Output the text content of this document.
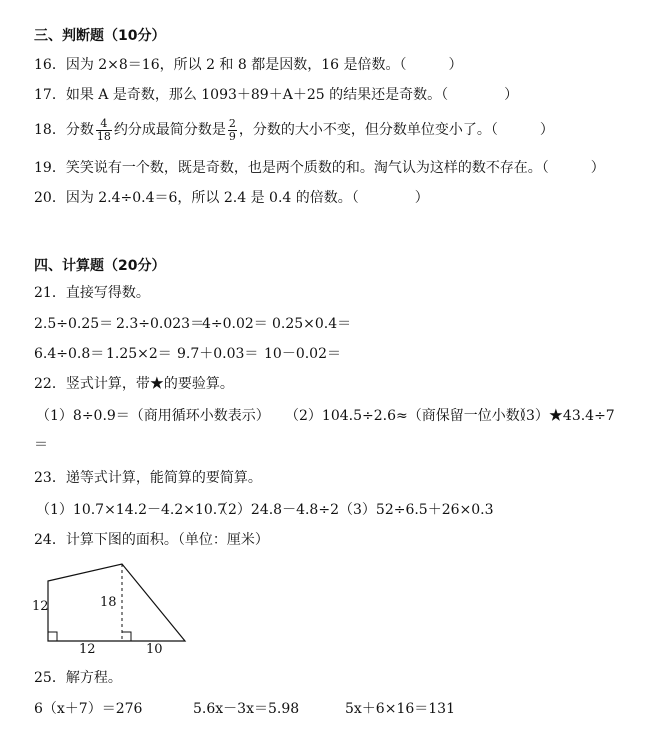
三、判断题（10分）
16．因为 2×8＝16，所以 2 和 8 都是因数，16 是倍数。（　　　）
17．如果 A 是奇数，那么 1093＋89＋A＋25 的结果还是奇数。（　　　　）
18．分数 $\frac{4}{18}$ 约分成最简分数是 $\frac{2}{9}$ ，分数的大小不变，但分数单位变小了。（　　　）
19．笑笑说有一个数，既是奇数，也是两个质数的和。淘气认为这样的数不存在。（　　　）
20．因为 2.4÷0.4＝6，所以 2.4 是 0.4 的倍数。（　　　　）
四、计算题（20分）
21．直接写得数。
2.5÷0.25＝ 2.3÷0.023＝4÷0.02＝ 0.25×0.4＝
6.4÷0.8＝ 1.25×2＝ 9.7＋0.03＝ 10－0.02＝
22．竖式计算，带★的要验算。
（1）8÷0.9＝（商用循环小数表示） （2）104.5÷2.6≈（商保留一位小数）（3）★43.4÷7
＝
23．递等式计算，能简算的要简算。
（1）10.7×14.2－4.2×10.7（2）24.8－4.8÷2（3）52÷6.5＋26×0.3
24．计算下图的面积。（单位：厘米）
12	18
12	10
25．解方程。
6（x＋7）＝276	5.6x－3x＝5.98	5x＋6×16＝131
